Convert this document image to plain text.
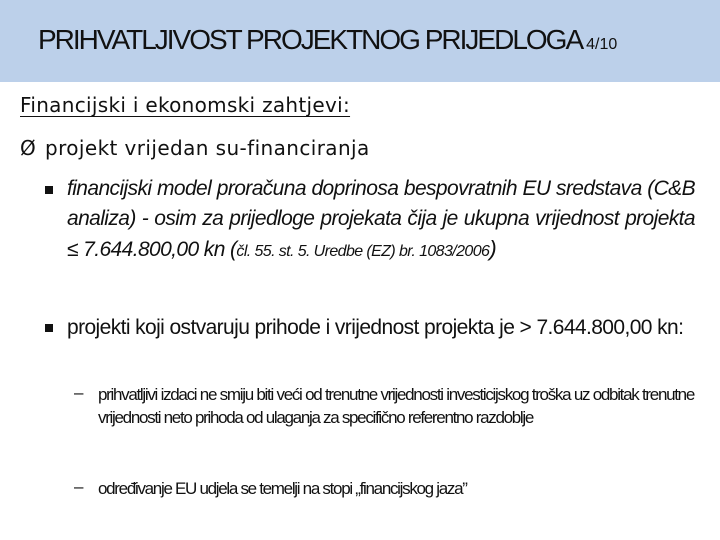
PRIHVATLJIVOST PROJEKTNOG PRIJEDLOGA 4/10
Financijski i ekonomski zahtjevi:
Ø projekt vrijedan su-financiranja
financijski model proračuna doprinosa bespovratnih EU sredstava (C&B analiza) - osim za prijedloge projekata čija je ukupna vrijednost projekta ≤ 7.644.800,00 kn (čl. 55. st. 5. Uredbe (EZ) br. 1083/2006)
projekti koji ostvaruju prihode i vrijednost projekta je > 7.644.800,00 kn:
– prihvatljivi izdaci ne smiju biti veći od trenutne vrijednosti investicijskog troška uz odbitak trenutne vrijednosti neto prihoda od ulaganja za specifično referentno razdoblje
– određivanje EU udjela se temelji na stopi „financijskog jaza”
